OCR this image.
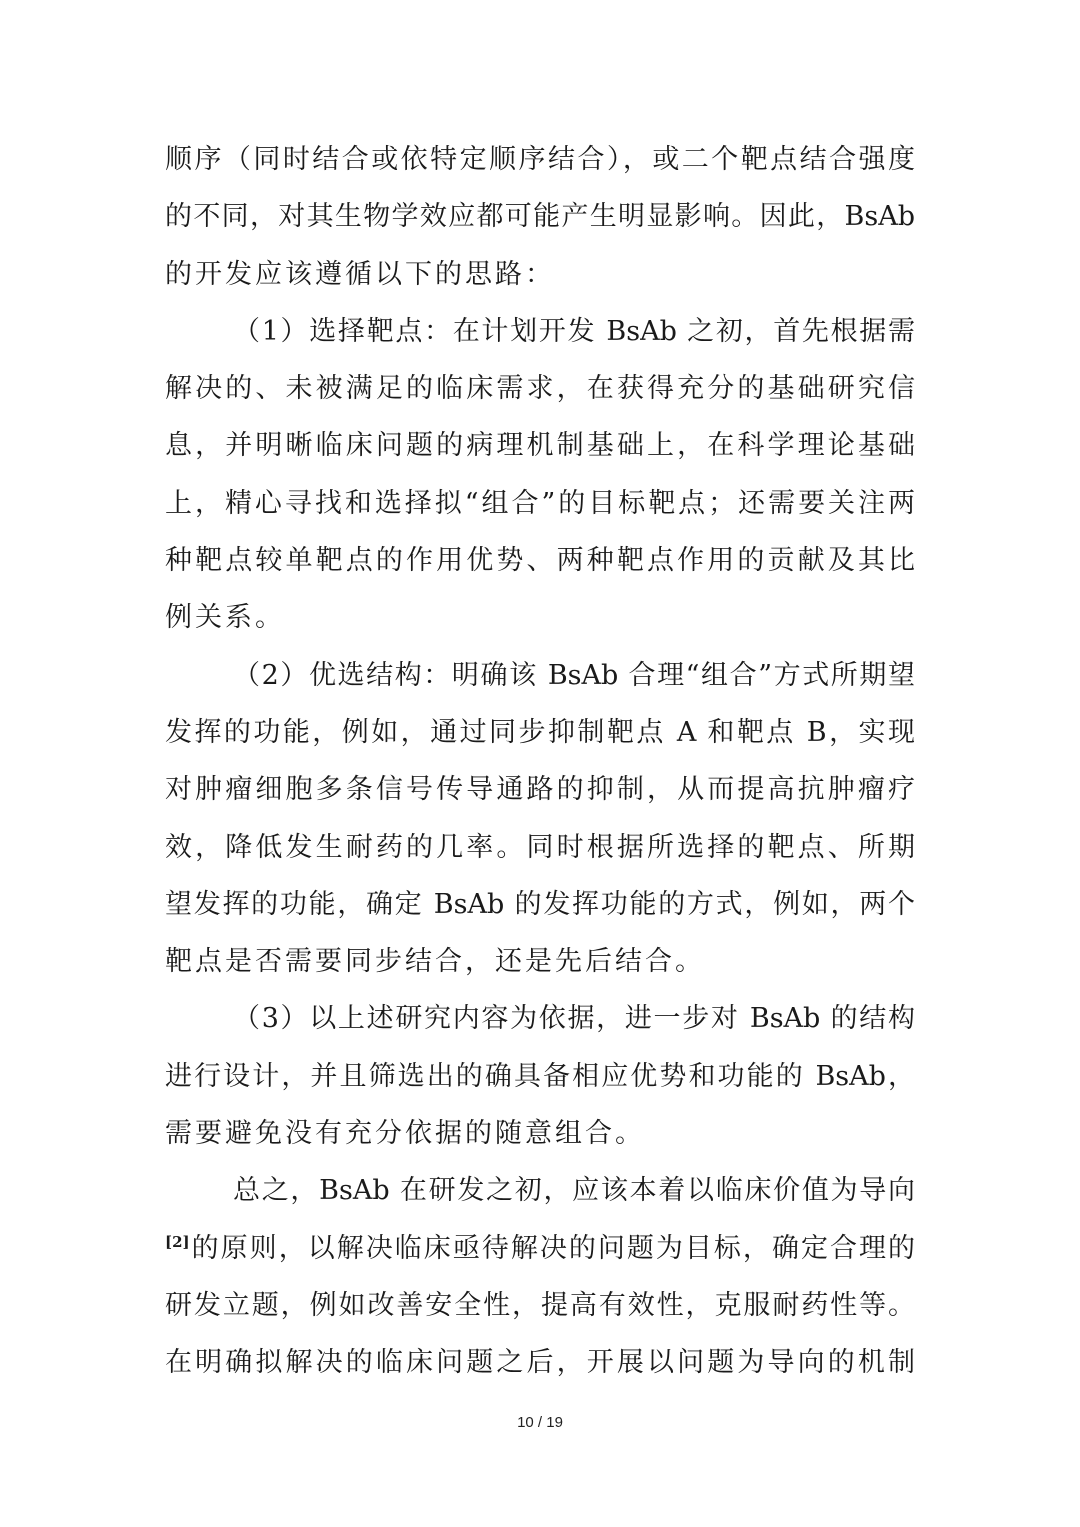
顺序（同时结合或依特定顺序结合），或二个靶点结合强度
的不同，对其生物学效应都可能产生明显影响。因此，BsAb
的开发应该遵循以下的思路：
（1）选择靶点：在计划开发 BsAb 之初，首先根据需
解决的、未被满足的临床需求，在获得充分的基础研究信
息，并明晰临床问题的病理机制基础上，在科学理论基础
上，精心寻找和选择拟“组合”的目标靶点；还需要关注两
种靶点较单靶点的作用优势、两种靶点作用的贡献及其比
例关系。
（2）优选结构：明确该 BsAb 合理“组合”方式所期望
发挥的功能，例如，通过同步抑制靶点 A 和靶点 B，实现
对肿瘤细胞多条信号传导通路的抑制，从而提高抗肿瘤疗
效，降低发生耐药的几率。同时根据所选择的靶点、所期
望发挥的功能，确定 BsAb 的发挥功能的方式，例如，两个
靶点是否需要同步结合，还是先后结合。
（3）以上述研究内容为依据，进一步对 BsAb 的结构
进行设计，并且筛选出的确具备相应优势和功能的 BsAb，
需要避免没有充分依据的随意组合。
总之，BsAb 在研发之初，应该本着以临床价值为导向
[2]的原则，以解决临床亟待解决的问题为目标，确定合理的
研发立题，例如改善安全性，提高有效性，克服耐药性等。
在明确拟解决的临床问题之后，开展以问题为导向的机制
10 / 19
